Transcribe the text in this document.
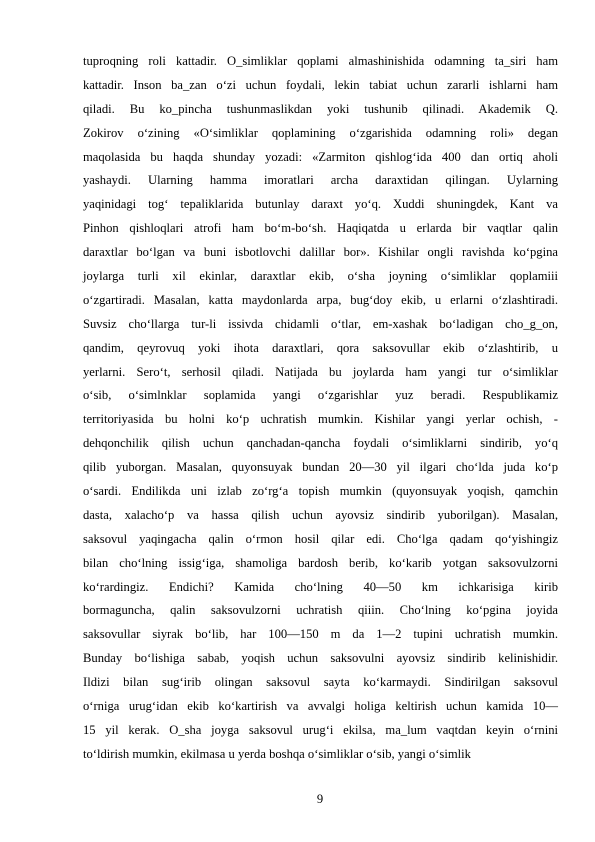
tuproqning roli kattadir. O_simliklar qoplami almashinishida odamning ta_siri ham
kattadir. Inson ba_zan o‘zi uchun foydali, lekin tabiat uchun zararli ishlarni ham
qiladi. Bu ko_pincha tushunmaslikdan yoki tushunib qilinadi. Akademik Q.
Zokirov o‘zining «O‘simliklar qoplamining o‘zgarishida odamning roli» degan
maqolasida bu haqda shunday yozadi: «Zarmiton qishlog‘ida 400 dan ortiq aholi
yashaydi. Ularning hamma imoratlari archa daraxtidan qilingan. Uylarning
yaqinidagi tog‘ tepaliklarida butunlay daraxt yo‘q. Xuddi shuningdek, Kant va
Pinhon qishloqlari atrofi ham bo‘m-bo‘sh. Haqiqatda u erlarda bir vaqtlar qalin
daraxtlar bo‘lgan va buni isbotlovchi dalillar bor». Kishilar ongli ravishda ko‘pgina
joylarga turli xil ekinlar, daraxtlar ekib, o‘sha joyning o‘simliklar qoplamiii
o‘zgartiradi. Masalan, katta maydonlarda arpa, bug‘doy ekib, u erlarni o‘zlashtiradi.
Suvsiz cho‘llarga tur-li issivda chidamli o‘tlar, em-xashak bo‘ladigan cho_g_on,
qandim, qeyrovuq yoki ihota daraxtlari, qora saksovullar ekib o‘zlashtirib, u
yerlarni. Sero‘t, serhosil qiladi. Natijada bu joylarda ham yangi tur o‘simliklar
o‘sib, o‘simlnklar soplamida yangi o‘zgarishlar yuz beradi. Respublikamiz
territoriyasida bu holni ko‘p uchratish mumkin. Kishilar yangi yerlar ochish, -
dehqonchilik qilish uchun qanchadan-qancha foydali o‘simliklarni sindirib, yo‘q
qilib yuborgan. Masalan, quyonsuyak bundan 20—30 yil ilgari cho‘lda juda ko‘p
o‘sardi. Endilikda uni izlab zo‘rg‘a topish mumkin (quyonsuyak yoqish, qamchin
dasta, xalacho‘p va hassa qilish uchun ayovsiz sindirib yuborilgan). Masalan,
saksovul yaqingacha qalin o‘rmon hosil qilar edi. Cho‘lga qadam qo‘yishingiz
bilan cho‘lning issig‘iga, shamoliga bardosh berib, ko‘karib yotgan saksovulzorni
ko‘rardingiz. Endichi? Kamida cho‘lning 40—50 km ichkarisiga kirib
bormaguncha, qalin saksovulzorni uchratish qiiin. Cho‘lning ko‘pgina joyida
saksovullar siyrak bo‘lib, har 100—150 m da 1—2 tupini uchratish mumkin.
Bunday bo‘lishiga sabab, yoqish uchun saksovulni ayovsiz sindirib kelinishidir.
Ildizi bilan sug‘irib olingan saksovul sayta ko‘karmaydi. Sindirilgan saksovul
o‘rniga urug‘idan ekib ko‘kartirish va avvalgi holiga keltirish uchun kamida 10—
15 yil kerak. O_sha joyga saksovul urug‘i ekilsa, ma_lum vaqtdan keyin o‘rnini
to‘ldirish mumkin, ekilmasa u yerda boshqa o‘simliklar o‘sib, yangi o‘simlik
9
